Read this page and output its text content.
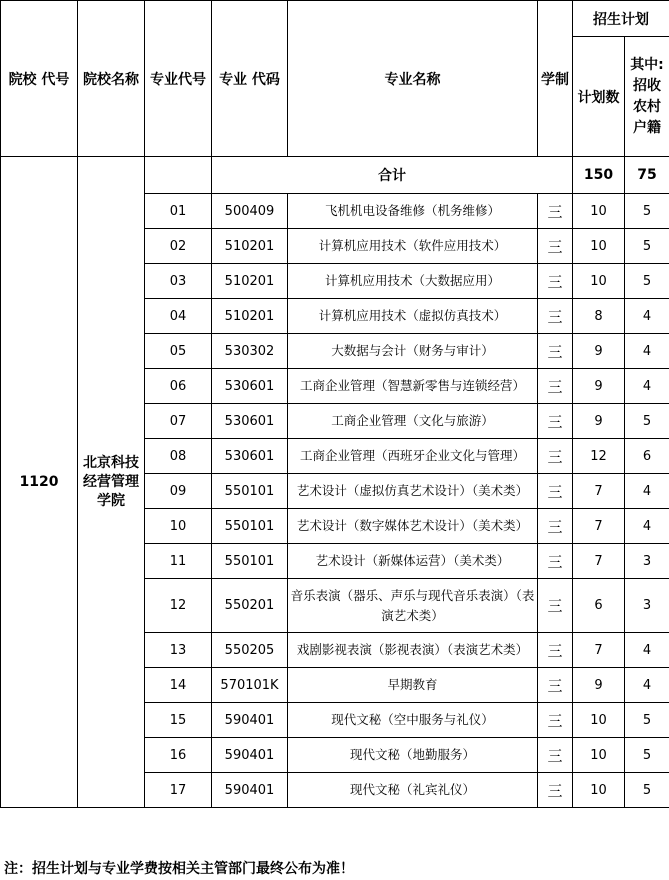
院校 代号	院校名称	专业代号	专业 代码	专业名称	学制	招生计划	
						计划数	其中:
招收农村户籍

1120	北京科技经营管理学院		合计			150	75
		01	500409	飞机机电设备维修（机务维修）	三	10	5
		02	510201	计算机应用技术（软件应用技术）	三	10	5
		03	510201	计算机应用技术（大数据应用）	三	10	5
		04	510201	计算机应用技术（虚拟仿真技术）	三	8	4
		05	530302	大数据与会计（财务与审计）	三	9	4
		06	530601	工商企业管理（智慧新零售与连锁经营）	三	9	4
		07	530601	工商企业管理（文化与旅游）	三	9	5
		08	530601	工商企业管理（西班牙企业文化与管理）	三	12	6
		09	550101	艺术设计（虚拟仿真艺术设计）（美术类）	三	7	4
		10	550101	艺术设计（数字媒体艺术设计）（美术类）	三	7	4
		11	550101	艺术设计（新媒体运营）（美术类）	三	7	3
		12	550201	音乐表演（器乐、声乐与现代音乐表演）（表演艺术类）	三	6	3
		13	550205	戏剧影视表演（影视表演）（表演艺术类）	三	7	4
		14	570101K	早期教育	三	9	4
		15	590401	现代文秘（空中服务与礼仪）	三	10	5
		16	590401	现代文秘（地勤服务）	三	10	5
		17	590401	现代文秘（礼宾礼仪）	三	10	5
注：招生计划与专业学费按相关主管部门最终公布为准！
